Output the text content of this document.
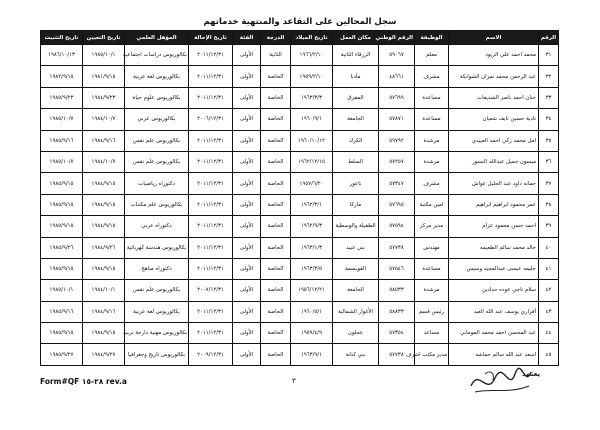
سجل المحالين على التقاعد والمنتهية خدماتهم
الرقم	الاسم	الوظيفة	الرقم الوطني	مكان العمل	تاريخ الميلاد	الدرجة	الفئة	تاريخ الإحالة	المؤهل العلمي	تاريخ التعيين	تاريخ التثبيت
٣١	محمد احمد علي الزيود	معلم	٥٩٠٦٧	الزرقاء الثانية	١٩٦٦/٢/١٠	الثانية	الأولى	٢٠١١/١٢/٣١	بكالوريوس دراسات اجتماعية	١٩٨٥/١٠/١	١٩٨٦/١٠/١٣
٣٢	عبد الرحمن محمد نمران الشوابكة	مشرف	٤٨٦٦١	مأدبا	١٩٥٩/٢/١٠	الخاصة	الأولى	٢٠١١/١٢/٣١	بكالوريوس لغة عربية	١٩٨١/٩/١٥	١٩٨٢/٩/١٥
٣٣	حنان احمد ناصر الشديفات	مساعدة	٥٧٦٩٩	المفرق	١٩٦٣/٣/٣	الخاصة	الأولى	٢٠١١/١٢/٣١	بكالوريوس علوم حياة	١٩٨٤/٩/٢٣	١٩٨٥/٩/٢٣
٣٤	نادية حسين نايف شعبان	مساعدة	٥٧٨٧١	الجامعة	١٩٦٠/٩/١	الخاصة	الأولى	٢٠٠٦/١٢/٣١	بكالوريوس عربي	١٩٨٤/١٠/٧	١٩٨٥/١٠/٧
٣٥	امل محمد زكي احمد العبيدي	مرشدة	٥٩٧٩٢	الكرك	١٩٦٠/١٠/١٢	الخاصة	الأولى	٢٠١١/١٢/٣١	بكالوريوس علم نفس	١٩٨٤/٩/١٦	١٩٨٥/٩/١٦
٣٦	ميسون جميل عبدالله النسور	مرشدة	٥٧٢٥٧	السلط	١٩٦٢/١٢/١٥	الخاصة	الأولى	٢٠١١/١٢/٣١	بكالوريوس علم نفس	١٩٨٤/١٠/٧	١٩٨٥/١٠/٧
٣٧	جمانه داود عبد الجليل عواش	مشرف	٥٧٣٤٧	ناعور	١٩٥٧/٦/٢٠	الخاصة	الأولى	٢٠١١/١٢/٣١	دكتوراه رياضيات	١٩٨٤/٩/١٥	١٩٨٥/٩/١٥
٣٨	عمر محمود ابراهيم ابراهيم	امين مكتبة	٥٧٦٩٥	ماركا	١٩٦٢/٣/١	الخاصة	الأولى	٢٠١١/١٢/٣١	بكالوريوس علم مكتبات	١٩٨٤/٩/١٥	١٩٨٥/٩/١٥
٣٩	احمد حسن محمود عزام	مدير مركز	٥٧٥٩٤	الطفيلة والوسطية	١٩٦٢/٩/٣	الخاصة	الأولى	٢٠١١/١٢/٣١	دكتوراه عربي	١٩٨٤/٩/١٥	١٩٨٥/٩/١٥
٤٠	خالد محمد سالم الطعيمه	مهندس	٥٧٧٣٨	بني عبيد	١٩٦٣/١/٣	الخاصة	الأولى	٢٠١١/١٢/٣١	بكالوريوس هندسة كهربائية	١٩٨٤/٩/٢٦	١٩٨٥/٩/٢٦
٤١	حليمه عيسى عبدالمجيد وسيس	مساعدة	٥٧٥٤٦	القويسمة	١٩٦٣/٣/٥	الخاصة	الأولى	٢٠١١/١٢/٣١	دكتوراه مناهج	١٩٨٤/٩/١٥	١٩٨٥/٩/١٥
٤٢	سلام ناجي عوده حدادين	مرشدة	٥٨٥٣٣	الجامعة	١٩٥٦/١٢/٢١	الخاصة	الأولى	٢٠٠٧/١٢/٣١	بكالوريوس علم نفس	١٩٨٤/١٠/١	١٩٨٥/١٠/١
٤٣	أفزاري يوسف عبد الله العيد	رئيس قسم	٥٨٨٣٣	الأغوار الشمالية	١٩٦٠/٥/١	الخاصة	الأولى	٢٠١١/١٢/٣١	بكالوريوس لغة عربية	١٩٨٤/٩/١٦	١٩٨٥/٩/١٦
٤٤	عبد المحسن احمد محمد الموماني	مساعد	٥٧٣٥٤	عجلون	١٩٥٩/٤/٩	الخاصة	الأولى	٢٠١١/١٢/٣١	بكالوريوس مهنية دارجة تربية	١٩٨٤/٩/١٥	١٩٨٥/٩/١٥
٤٥	اسعد عبد الله سالم حماشه	مدير مكتب اشرف	٥٧٧٣٨	بني كنانة	١٩٦٣/٩/١	الخاصة	الأولى	٢٠٠٩/١٢/٣١	بكالوريوس تاريخ وجغرافيا	١٩٨٤/٩/٢٧	١٩٨٥/٩/٢٧
Form#QF ٢٨-١٥ rev.a	٣
يعتمد
